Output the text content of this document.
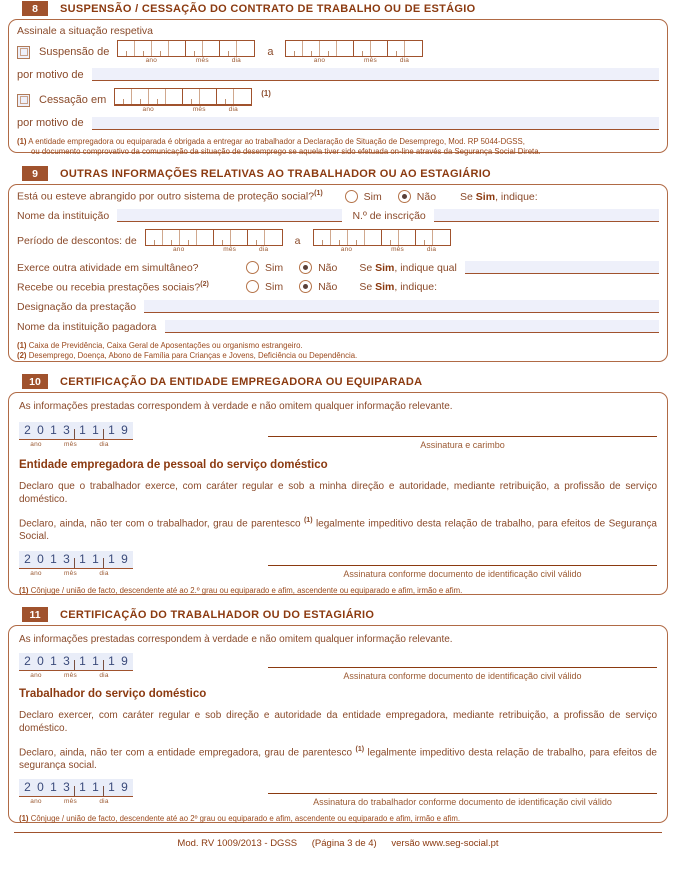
8	SUSPENSÃO / CESSAÇÃO DO CONTRATO DE TRABALHO OU DE ESTÁGIO
Assinale a situação respetiva
Suspensão de
ano	mês	dia
a
ano	mês	dia
por motivo de
Cessação em
ano	mês	dia
(1)
por motivo de
(1) A entidade empregadora ou equiparada é obrigada a entregar ao trabalhador a Declaração de Situação de Desemprego, Mod. RP 5044-DGSS,
ou documento comprovativo da comunicação da situação de desemprego se aquela tiver sido efetuada on-line através da Segurança Social Direta.
9	OUTRAS INFORMAÇÕES RELATIVAS AO TRABALHADOR OU AO ESTAGIÁRIO
Está ou esteve abrangido por outro sistema de proteção social?$^{(1)}$	Sim	Não Se Sim, indique:
Nome da instituição	N.º de inscrição
Período de descontos: de
ano	mês	dia
a
ano	mês	dia
Exerce outra atividade em simultâneo?	Sim	Não Se Sim, indique qual
Recebe ou recebia prestações sociais?$^{(2)}$	Sim	Não Se Sim, indique:
Designação da prestação
Nome da instituição pagadora
(1) Caixa de Previdência, Caixa Geral de Aposentações ou organismo estrangeiro.
(2) Desemprego, Doença, Abono de Família para Crianças e Jovens, Deficiência ou Dependência.
10	CERTIFICAÇÃO DA ENTIDADE EMPREGADORA OU EQUIPARADA
As informações prestadas correspondem à verdade e não omitem qualquer informação relevante.
2 0 1 3 1 1 1 9
ano	mês	dia	Assinatura e carimbo
Entidade empregadora de pessoal do serviço doméstico
Declaro que o trabalhador exerce, com caráter regular e sob a minha direção e autoridade, mediante retribuição, a profissão de serviço doméstico.
Declaro, ainda, não ter com o trabalhador, grau de parentesco $^{(1)}$ legalmente impeditivo desta relação de trabalho, para efeitos de Segurança Social.
2 0 1 3 1 1 1 9
ano	mês	dia	Assinatura conforme documento de identificação civil válido
(1) Cônjuge / união de facto, descendente até ao 2.º grau ou equiparado e afim, ascendente ou equiparado e afim, irmão e afim.
11	CERTIFICAÇÃO DO TRABALHADOR OU DO ESTAGIÁRIO
As informações prestadas correspondem à verdade e não omitem qualquer informação relevante.
2 0 1 3 1 1 1 9
ano	mês	dia	Assinatura conforme documento de identificação civil válido
Trabalhador do serviço doméstico
Declaro exercer, com caráter regular e sob direção e autoridade da entidade empregadora, mediante retribuição, a profissão de serviço doméstico.
Declaro, ainda, não ter com a entidade empregadora, grau de parentesco $^{(1)}$ legalmente impeditivo desta relação de trabalho, para efeitos de segurança social.
2 0 1 3 1 1 1 9
ano	mês	dia	Assinatura do trabalhador conforme documento de identificação civil válido
(1) Cônjuge / união de facto, descendente até ao 2º grau ou equiparado e afim, ascendente ou equiparado e afim, irmão e afim.
Mod. RV 1009/2013 - DGSS (Página 3 de 4) versão www.seg-social.pt
